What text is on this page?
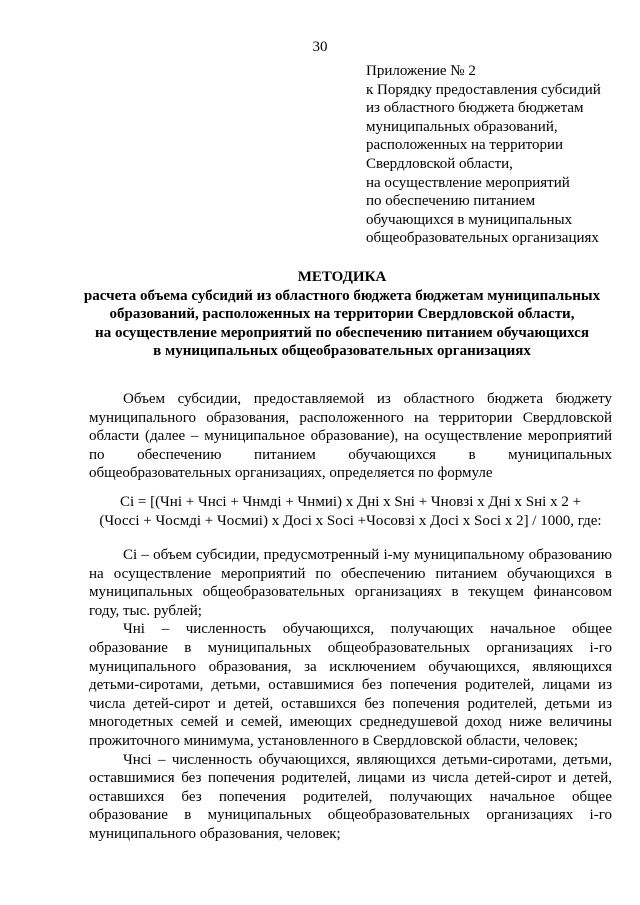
30
Приложение № 2
к Порядку предоставления субсидий
из областного бюджета бюджетам
муниципальных образований,
расположенных на территории
Свердловской области,
на осуществление мероприятий
по обеспечению питанием
обучающихся в муниципальных
общеобразовательных организациях
МЕТОДИКА
расчета объема субсидий из областного бюджета бюджетам муниципальных
образований, расположенных на территории Свердловской области,
на осуществление мероприятий по обеспечению питанием обучающихся
в муниципальных общеобразовательных организациях

Объем субсидии, предоставляемой из областного бюджета бюджету муниципального образования, расположенного на территории Свердловской области (далее – муниципальное образование), на осуществление мероприятий по обеспечению питанием обучающихся в муниципальных общеобразовательных организациях, определяется по формуле

Ci = [(Чнi + Чнсi + Чнмдi + Чнмиi) x Днi x Sнi + Чновзi x Днi x Sнi x 2 +
(Чоссi + Чосмдi + Чосмиi) x Досi x Sосi +Чосовзi x Досi x Sосi x 2] / 1000, где:

Ci – объем субсидии, предусмотренный i-му муниципальному образованию на осуществление мероприятий по обеспечению питанием обучающихся в муниципальных общеобразовательных организациях в текущем финансовом году, тыс. рублей;

Чнi – численность обучающихся, получающих начальное общее образование в муниципальных общеобразовательных организациях i-го муниципального образования, за исключением обучающихся, являющихся детьми-сиротами, детьми, оставшимися без попечения родителей, лицами из числа детей-сирот и детей, оставшихся без попечения родителей, детьми из многодетных семей и семей, имеющих среднедушевой доход ниже величины прожиточного минимума, установленного в Свердловской области, человек;

Чнсi – численность обучающихся, являющихся детьми-сиротами, детьми, оставшимися без попечения родителей, лицами из числа детей-сирот и детей, оставшихся без попечения родителей, получающих начальное общее образование в муниципальных общеобразовательных организациях i-го муниципального образования, человек;
